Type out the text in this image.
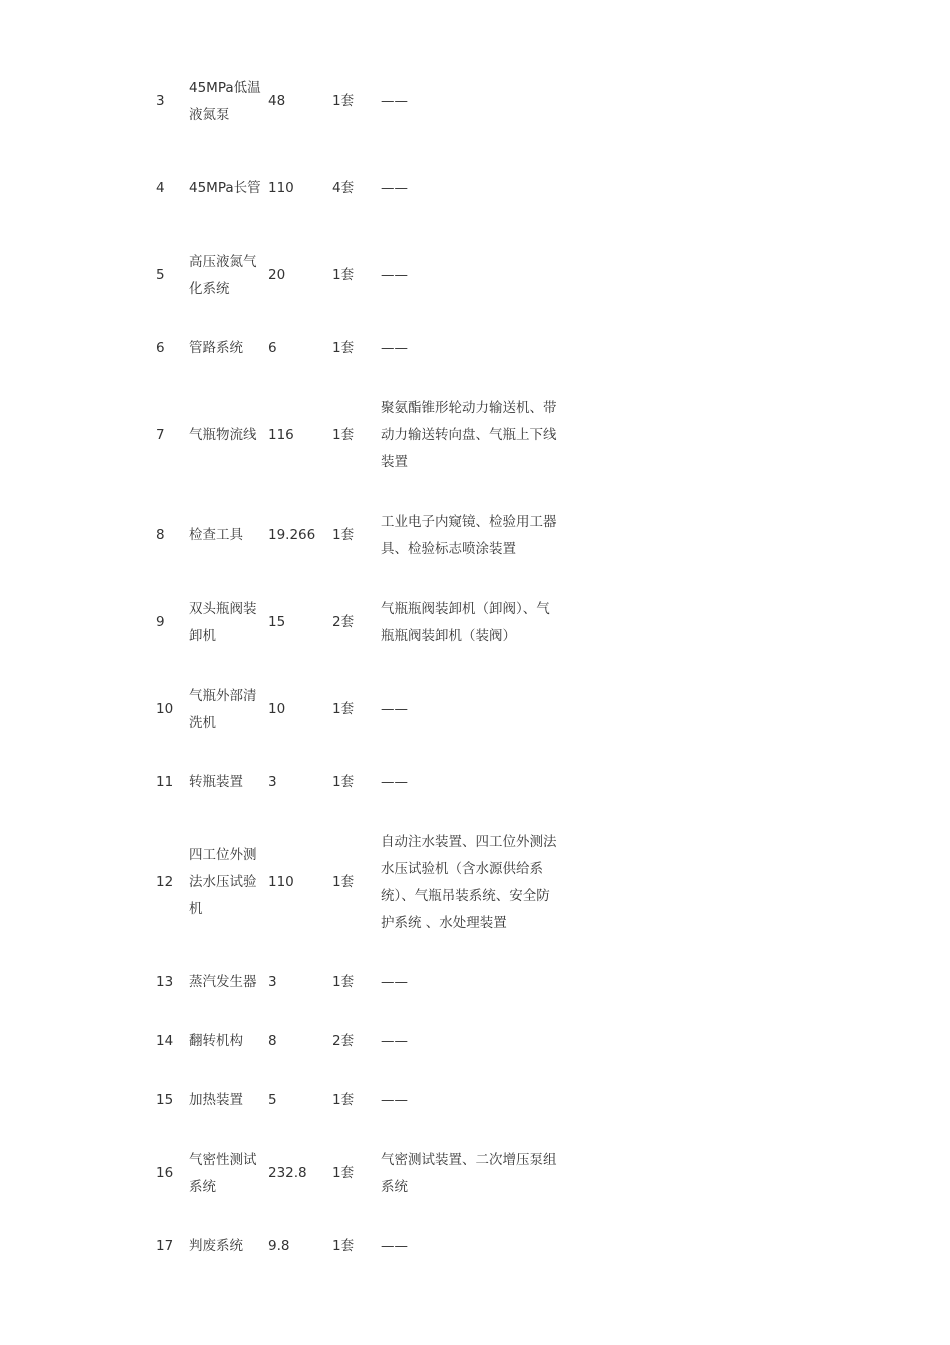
3	45MPa低温液氮泵	48	1套	——

4	45MPa长管	110	4套	——

5	高压液氮气化系统	20	1套	——

6	管路系统	6	1套	——

7	气瓶物流线	116	1套	聚氨酯锥形轮动力输送机、带动力输送转向盘、气瓶上下线装置

8	检查工具	19.266	1套	工业电子内窥镜、检验用工器具、检验标志喷涂装置

9	双头瓶阀装卸机	15	2套	气瓶瓶阀装卸机（卸阀）、气瓶瓶阀装卸机（装阀）

10	气瓶外部清洗机	10	1套	——

11	转瓶装置	3	1套	——

12	四工位外测法水压试验机	110	1套	自动注水装置、四工位外测法水压试验机（含水源供给系统）、气瓶吊装系统、安全防护系统 、水处理装置

13	蒸汽发生器	3	1套	——

14	翻转机构	8	2套	——

15	加热装置	5	1套	——

16	气密性测试系统	232.8	1套	气密测试装置、二次增压泵组系统

17	判废系统	9.8	1套	——
